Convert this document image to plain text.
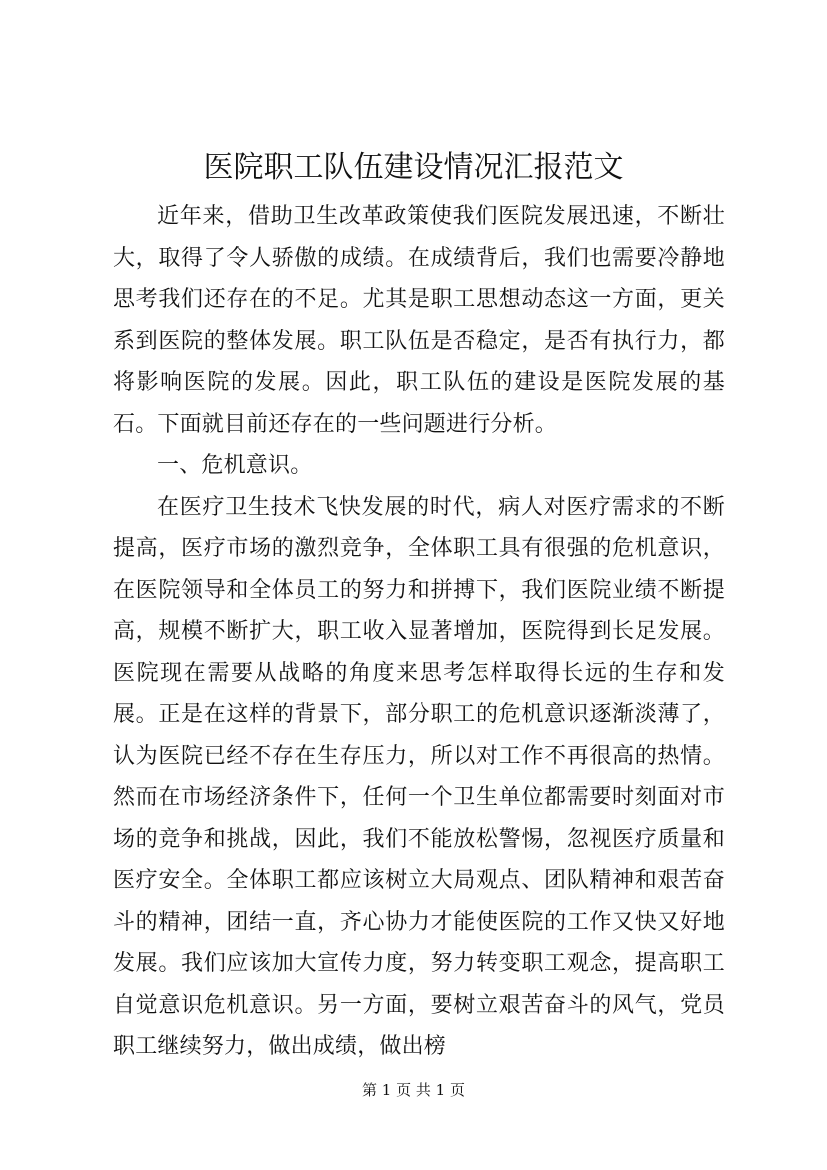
医院职工队伍建设情况汇报范文

近年来，借助卫生改革政策使我们医院发展迅速，不断壮大，取得了令人骄傲的成绩。在成绩背后，我们也需要冷静地思考我们还存在的不足。尤其是职工思想动态这一方面，更关系到医院的整体发展。职工队伍是否稳定，是否有执行力，都将影响医院的发展。因此，职工队伍的建设是医院发展的基石。下面就目前还存在的一些问题进行分析。

一、危机意识。

在医疗卫生技术飞快发展的时代，病人对医疗需求的不断提高，医疗市场的激烈竞争，全体职工具有很强的危机意识，在医院领导和全体员工的努力和拼搏下，我们医院业绩不断提高，规模不断扩大，职工收入显著增加，医院得到长足发展。医院现在需要从战略的角度来思考怎样取得长远的生存和发展。正是在这样的背景下，部分职工的危机意识逐渐淡薄了，认为医院已经不存在生存压力，所以对工作不再很高的热情。然而在市场经济条件下，任何一个卫生单位都需要时刻面对市场的竞争和挑战，因此，我们不能放松警惕，忽视医疗质量和医疗安全。全体职工都应该树立大局观点、团队精神和艰苦奋斗的精神，团结一直，齐心协力才能使医院的工作又快又好地发展。我们应该加大宣传力度，努力转变职工观念，提高职工自觉意识危机意识。另一方面，要树立艰苦奋斗的风气，党员职工继续努力，做出成绩，做出榜

第 1 页 共 1 页
